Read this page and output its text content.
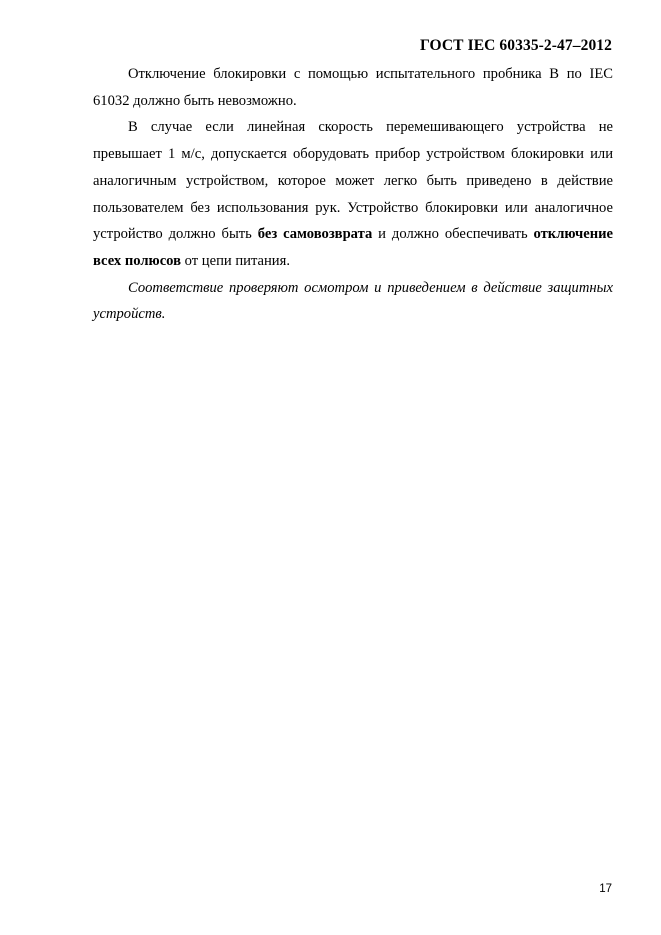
ГОСТ IEC 60335-2-47–2012

Отключение блокировки с помощью испытательного пробника B по IEC 61032 должно быть невозможно.

В случае если линейная скорость перемешивающего устройства не превышает 1 м/с, допускается оборудовать прибор устройством блокировки или аналогичным устройством, которое может легко быть приведено в действие пользователем без использования рук. Устройство блокировки или аналогичное устройство должно быть без самовозврата и должно обеспечивать отключение всех полюсов от цепи питания.

Соответствие проверяют осмотром и приведением в действие защитных устройств.

17
